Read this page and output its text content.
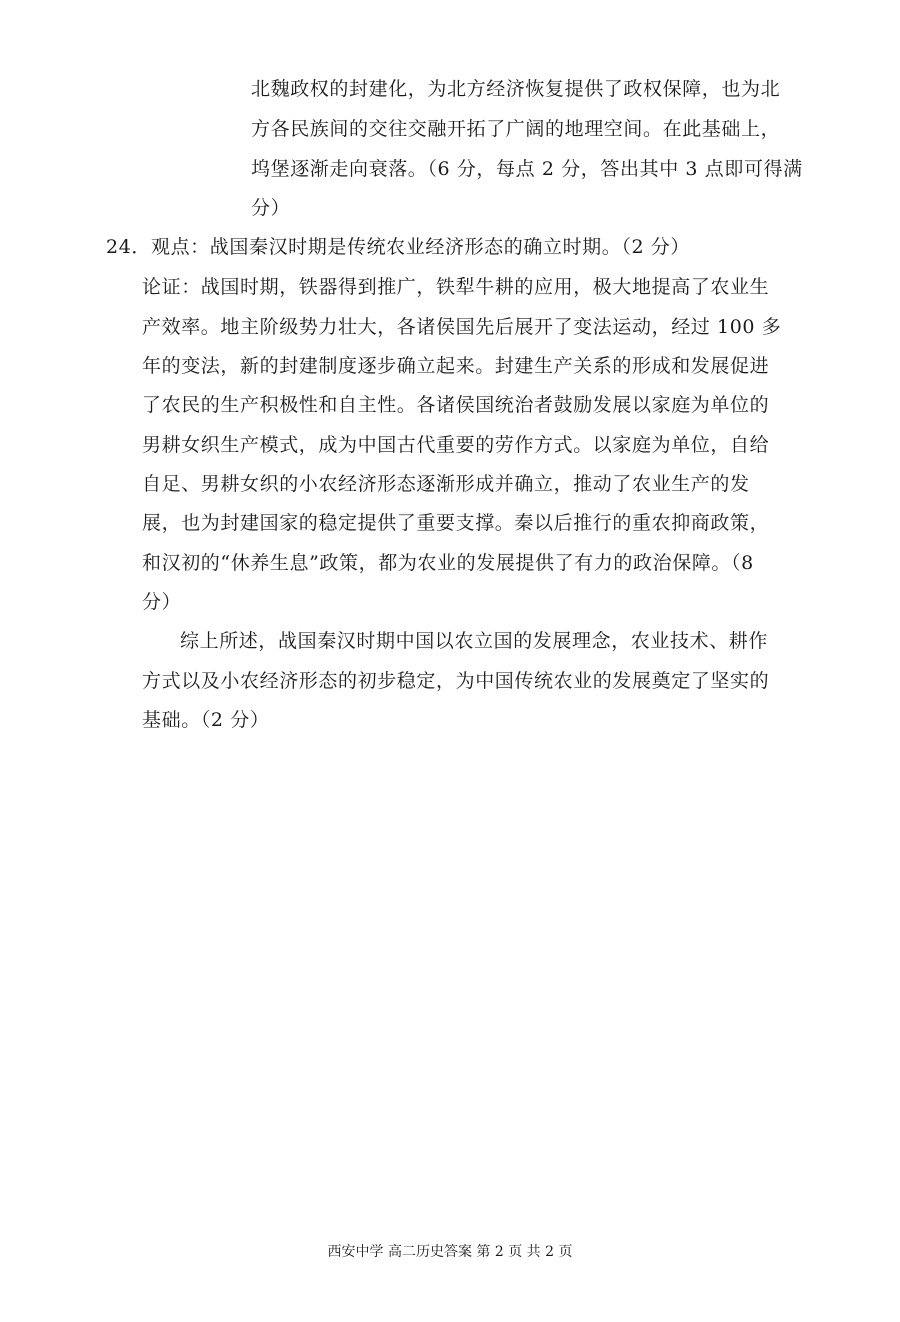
北魏政权的封建化，为北方经济恢复提供了政权保障，也为北
方各民族间的交往交融开拓了广阔的地理空间。在此基础上，
坞堡逐渐走向衰落。（6 分，每点 2 分，答出其中 3 点即可得满
分）
24．观点：战国秦汉时期是传统农业经济形态的确立时期。（2 分）
论证：战国时期，铁器得到推广，铁犁牛耕的应用，极大地提高了农业生
产效率。地主阶级势力壮大，各诸侯国先后展开了变法运动，经过 100 多
年的变法，新的封建制度逐步确立起来。封建生产关系的形成和发展促进
了农民的生产积极性和自主性。各诸侯国统治者鼓励发展以家庭为单位的
男耕女织生产模式，成为中国古代重要的劳作方式。以家庭为单位，自给
自足、男耕女织的小农经济形态逐渐形成并确立，推动了农业生产的发
展，也为封建国家的稳定提供了重要支撑。秦以后推行的重农抑商政策，
和汉初的“休养生息”政策，都为农业的发展提供了有力的政治保障。（8
分）
综上所述，战国秦汉时期中国以农立国的发展理念，农业技术、耕作
方式以及小农经济形态的初步稳定，为中国传统农业的发展奠定了坚实的
基础。（2 分）
西安中学 高二历史答案 第 2 页 共 2 页
